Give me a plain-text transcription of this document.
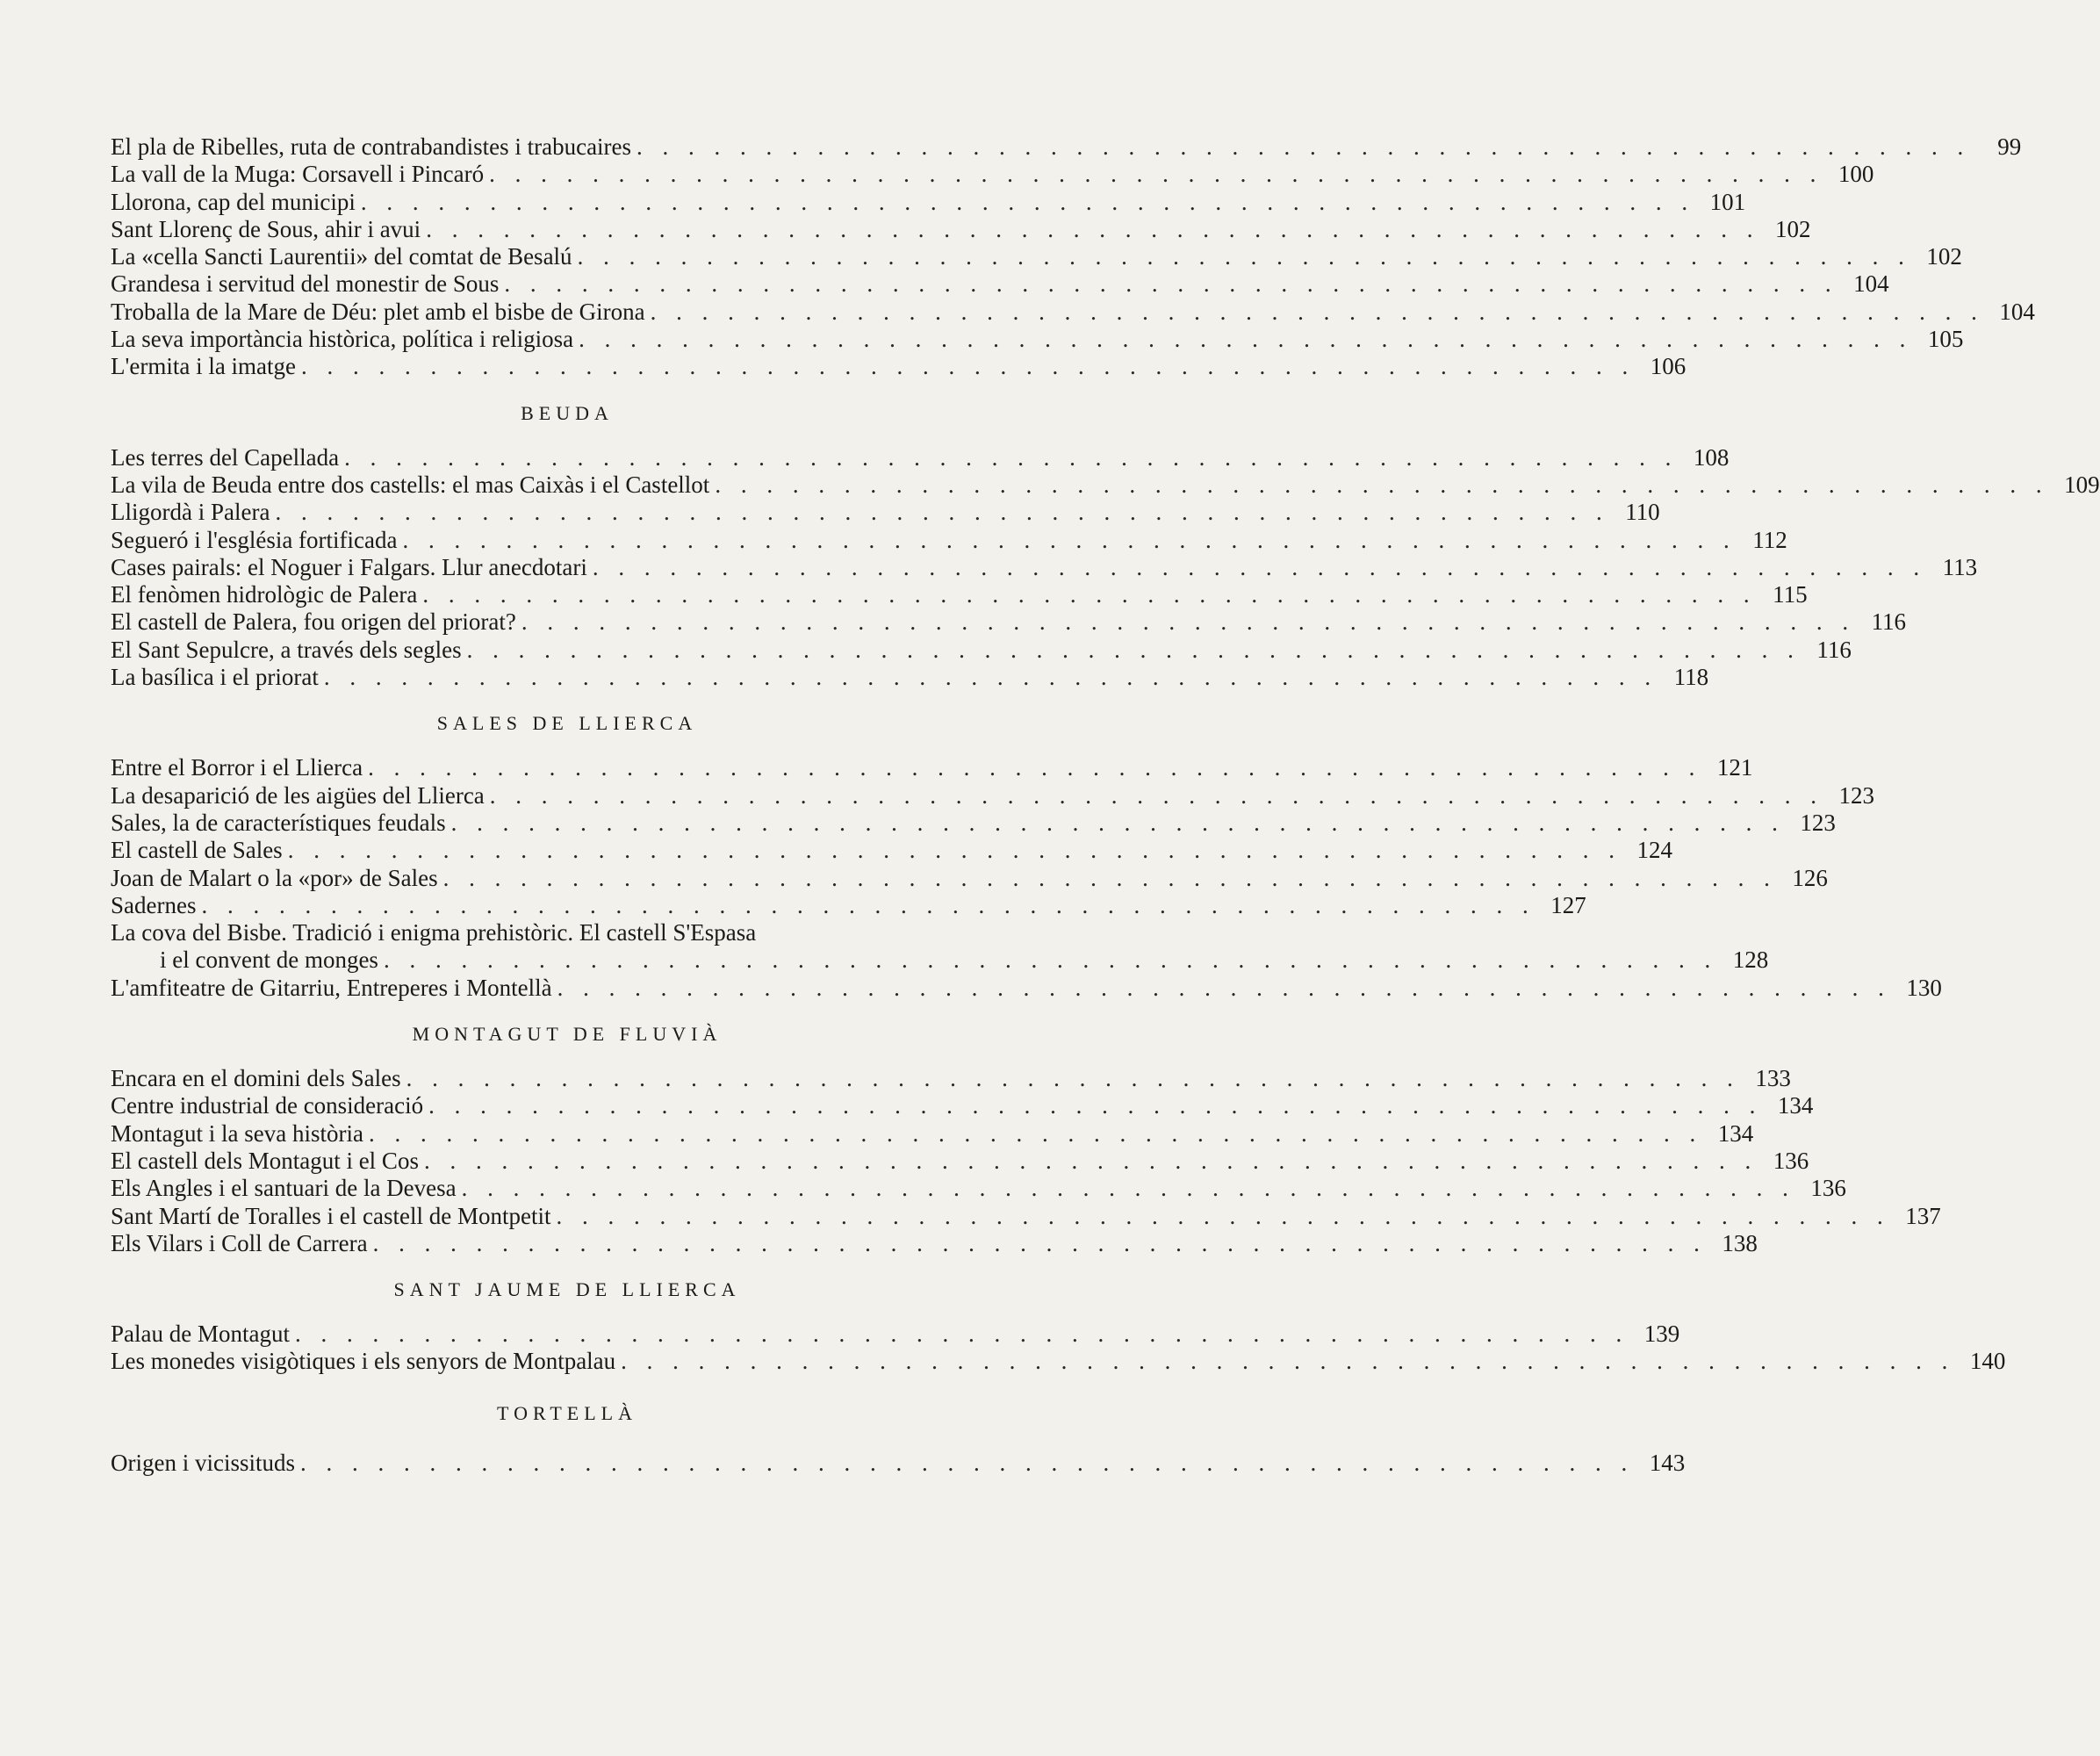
El pla de Ribelles, ruta de contrabandistes i trabucaires . . . . . . . . . . . . . . . . . . . . . . . . . . . . . . . . . . . . . . . . . . . . . . . . . . . .	99
La vall de la Muga: Corsavell i Pincaró . . . . . . . . . . . . . . . . . . . . . . . . . . . . . . . . . . . . . . . . . . . . . . . . . . . . 100
Llorona, cap del municipi . . . . . . . . . . . . . . . . . . . . . . . . . . . . . . . . . . . . . . . . . . . . . . . . . . . . 101
Sant Llorenç de Sous, ahir i avui . . . . . . . . . . . . . . . . . . . . . . . . . . . . . . . . . . . . . . . . . . . . . . . . . . . . 102
La «cella Sancti Laurentii» del comtat de Besalú . . . . . . . . . . . . . . . . . . . . . . . . . . . . . . . . . . . . . . . . . . . . . . . . . . . . 102
Grandesa i servitud del monestir de Sous . . . . . . . . . . . . . . . . . . . . . . . . . . . . . . . . . . . . . . . . . . . . . . . . . . . . 104
Troballa de la Mare de Déu: plet amb el bisbe de Girona . . . . . . . . . . . . . . . . . . . . . . . . . . . . . . . . . . . . . . . . . . . . . . . . . . . . 104
La seva importància històrica, política i religiosa . . . . . . . . . . . . . . . . . . . . . . . . . . . . . . . . . . . . . . . . . . . . . . . . . . . . 105
L'ermita i la imatge . . . . . . . . . . . . . . . . . . . . . . . . . . . . . . . . . . . . . . . . . . . . . . . . . . . . 106
BEUDA
Les terres del Capellada . . . . . . . . . . . . . . . . . . . . . . . . . . . . . . . . . . . . . . . . . . . . . . . . . . . . 108
La vila de Beuda entre dos castells: el mas Caixàs i el Castellot . . . . . . . . . . . . . . . . . . . . . . . . . . . . . . . . . . . . . . . . . . . . . . . . . . . . 109
Lligordà i Palera . . . . . . . . . . . . . . . . . . . . . . . . . . . . . . . . . . . . . . . . . . . . . . . . . . . . 110
Segueró i l'església fortificada . . . . . . . . . . . . . . . . . . . . . . . . . . . . . . . . . . . . . . . . . . . . . . . . . . . . 112
Cases pairals: el Noguer i Falgars. Llur anecdotari . . . . . . . . . . . . . . . . . . . . . . . . . . . . . . . . . . . . . . . . . . . . . . . . . . . . 113
El fenòmen hidrològic de Palera . . . . . . . . . . . . . . . . . . . . . . . . . . . . . . . . . . . . . . . . . . . . . . . . . . . . 115
El castell de Palera, fou origen del priorat? . . . . . . . . . . . . . . . . . . . . . . . . . . . . . . . . . . . . . . . . . . . . . . . . . . . . 116
El Sant Sepulcre, a través dels segles . . . . . . . . . . . . . . . . . . . . . . . . . . . . . . . . . . . . . . . . . . . . . . . . . . . . 116
La basílica i el priorat . . . . . . . . . . . . . . . . . . . . . . . . . . . . . . . . . . . . . . . . . . . . . . . . . . . . 118
SALES DE LLIERCA
Entre el Borror i el Llierca . . . . . . . . . . . . . . . . . . . . . . . . . . . . . . . . . . . . . . . . . . . . . . . . . . . . 121
La desaparició de les aigües del Llierca . . . . . . . . . . . . . . . . . . . . . . . . . . . . . . . . . . . . . . . . . . . . . . . . . . . . 123
Sales, la de característiques feudals . . . . . . . . . . . . . . . . . . . . . . . . . . . . . . . . . . . . . . . . . . . . . . . . . . . . 123
El castell de Sales . . . . . . . . . . . . . . . . . . . . . . . . . . . . . . . . . . . . . . . . . . . . . . . . . . . . 124
Joan de Malart o la «por» de Sales . . . . . . . . . . . . . . . . . . . . . . . . . . . . . . . . . . . . . . . . . . . . . . . . . . . . 126
Sadernes . . . . . . . . . . . . . . . . . . . . . . . . . . . . . . . . . . . . . . . . . . . . . . . . . . . . 127
La cova del Bisbe. Tradició i enigma prehistòric. El castell S'Espasa
i el convent de monges . . . . . . . . . . . . . . . . . . . . . . . . . . . . . . . . . . . . . . . . . . . . . . . . . . . . 128
L'amfiteatre de Gitarriu, Entreperes i Montellà . . . . . . . . . . . . . . . . . . . . . . . . . . . . . . . . . . . . . . . . . . . . . . . . . . . . 130
MONTAGUT DE FLUVIÀ
Encara en el domini dels Sales . . . . . . . . . . . . . . . . . . . . . . . . . . . . . . . . . . . . . . . . . . . . . . . . . . . . 133
Centre industrial de consideració . . . . . . . . . . . . . . . . . . . . . . . . . . . . . . . . . . . . . . . . . . . . . . . . . . . . 134
Montagut i la seva història . . . . . . . . . . . . . . . . . . . . . . . . . . . . . . . . . . . . . . . . . . . . . . . . . . . . 134
El castell dels Montagut i el Cos . . . . . . . . . . . . . . . . . . . . . . . . . . . . . . . . . . . . . . . . . . . . . . . . . . . . 136
Els Angles i el santuari de la Devesa . . . . . . . . . . . . . . . . . . . . . . . . . . . . . . . . . . . . . . . . . . . . . . . . . . . . 136
Sant Martí de Toralles i el castell de Montpetit . . . . . . . . . . . . . . . . . . . . . . . . . . . . . . . . . . . . . . . . . . . . . . . . . . . . 137
Els Vilars i Coll de Carrera . . . . . . . . . . . . . . . . . . . . . . . . . . . . . . . . . . . . . . . . . . . . . . . . . . . . 138
SANT JAUME DE LLIERCA
Palau de Montagut . . . . . . . . . . . . . . . . . . . . . . . . . . . . . . . . . . . . . . . . . . . . . . . . . . . . 139
Les monedes visigòtiques i els senyors de Montpalau . . . . . . . . . . . . . . . . . . . . . . . . . . . . . . . . . . . . . . . . . . . . . . . . . . . . 140
TORTELLÀ
Origen i vicissituds . . . . . . . . . . . . . . . . . . . . . . . . . . . . . . . . . . . . . . . . . . . . . . . . . . . . 143
